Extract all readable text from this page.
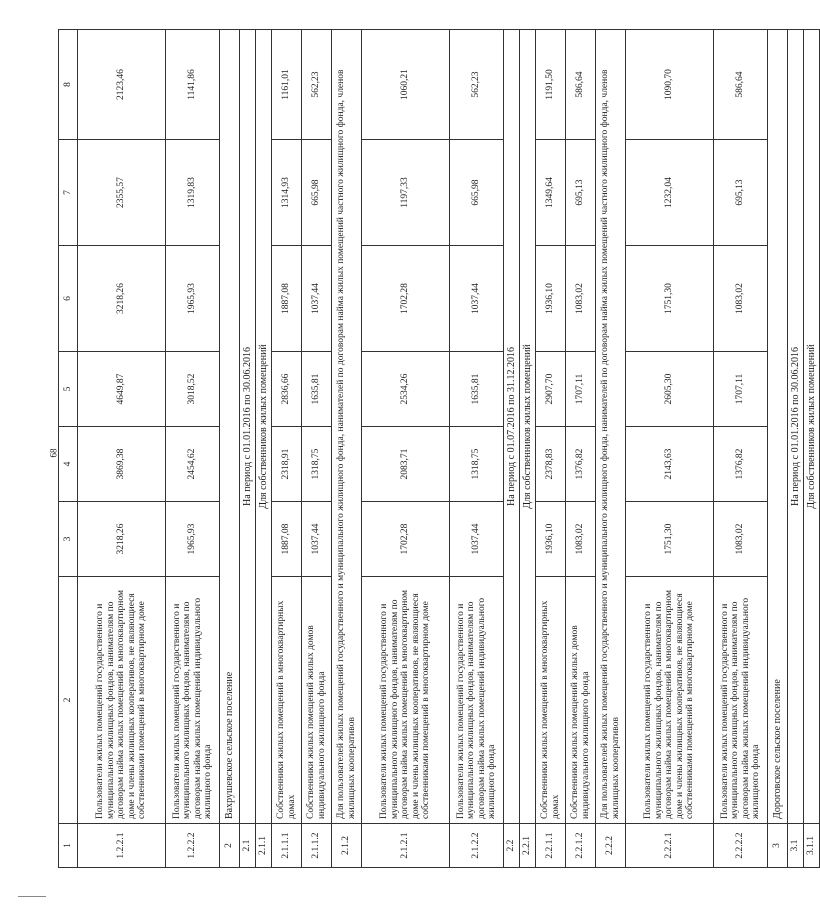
68
1	2	3	4	5	6	7	8
1.2.2.1	Пользователи жилых помещений государственного и муниципального жилищных фондов, нанимателям по договорам найма жилых помещений в многоквартирном доме и члены жилищных кооперативов, не являющиеся собственниками помещений в многоквартирном доме	3218,26	3869,38	4649,87	3218,26	2355,57	2123,46
1.2.2.2	Пользователи жилых помещений государственного и муниципального жилищных фондов, нанимателям по договорам найма жилых помещений индивидуального жилищного фонда	1965,93	2454,62	3018,52	1965,93	1319,83	1141,86
2	Вахрушевское сельское поселение						
2.1	На период с 01.01.2016 по 30.06.2016						

2.1.1	Для собственников жилых помещений						

2.1.1.1	Собственники жилых помещений в многоквартирных домах	1887,08	2318,91	2836,66	1887,08	1314,93	1161,01
2.1.1.2	Собственники жилых помещений жилых домов индивидуального жилищного фонда	1037,44	1318,75	1635,81	1037,44	665,98	562,23
2.1.2	Для пользователей жилых помещений государственного и муниципального жилищного фонда, нанимателей по договорам найма жилых помещений частного жилищного фонда, членов жилищных кооперативов						
2.1.2.1	Пользователи жилых помещений государственного и муниципального жилищного фондов, нанимателям по договорам найма жилых помещений в многоквартирном доме и члены жилищных кооперативов, не являющиеся собственниками помещений в многоквартирном доме	1702,28	2083,71	2534,26	1702,28	1197,33	1060,21
2.1.2.2	Пользователи жилых помещений государственного и муниципального жилищных фондов, нанимателям по договорам найма жилых помещений индивидуального жилищного фонда	1037,44	1318,75	1635,81	1037,44	665,98	562,23
2.2	На период с 01.07.2016 по 31.12.2016						

2.2.1	Для собственников жилых помещений						

2.2.1.1	Собственники жилых помещений в многоквартирных домах	1936,10	2378,83	2907,70	1936,10	1349,64	1191,50
2.2.1.2	Собственники жилых помещений жилых домов индивидуального жилищного фонда	1083,02	1376,82	1707,11	1083,02	695,13	586,64
2.2.2	Для пользователей жилых помещений государственного и муниципального жилищного фонда, нанимателей по договорам найма жилых помещений частного жилищного фонда, членов жилищных кооперативов						
2.2.2.1	Пользователи жилых помещений государственного и муниципального жилищных фондов, нанимателям по договорам найма жилых помещений в многоквартирном доме и члены жилищных кооперативов, не являющиеся собственниками помещений в многоквартирном доме	1751,30	2143,63	2605,30	1751,30	1232,04	1090,70
2.2.2.2	Пользователи жилых помещений государственного и муниципального жилищных фондов, нанимателям по договорам найма жилых помещений индивидуального жилищного фонда	1083,02	1376,82	1707,11	1083,02	695,13	586,64
3	Дороговское сельское поселение						
3.1	На период с 01.01.2016 по 30.06.2016						

3.1.1	Для собственников жилых помещений						
